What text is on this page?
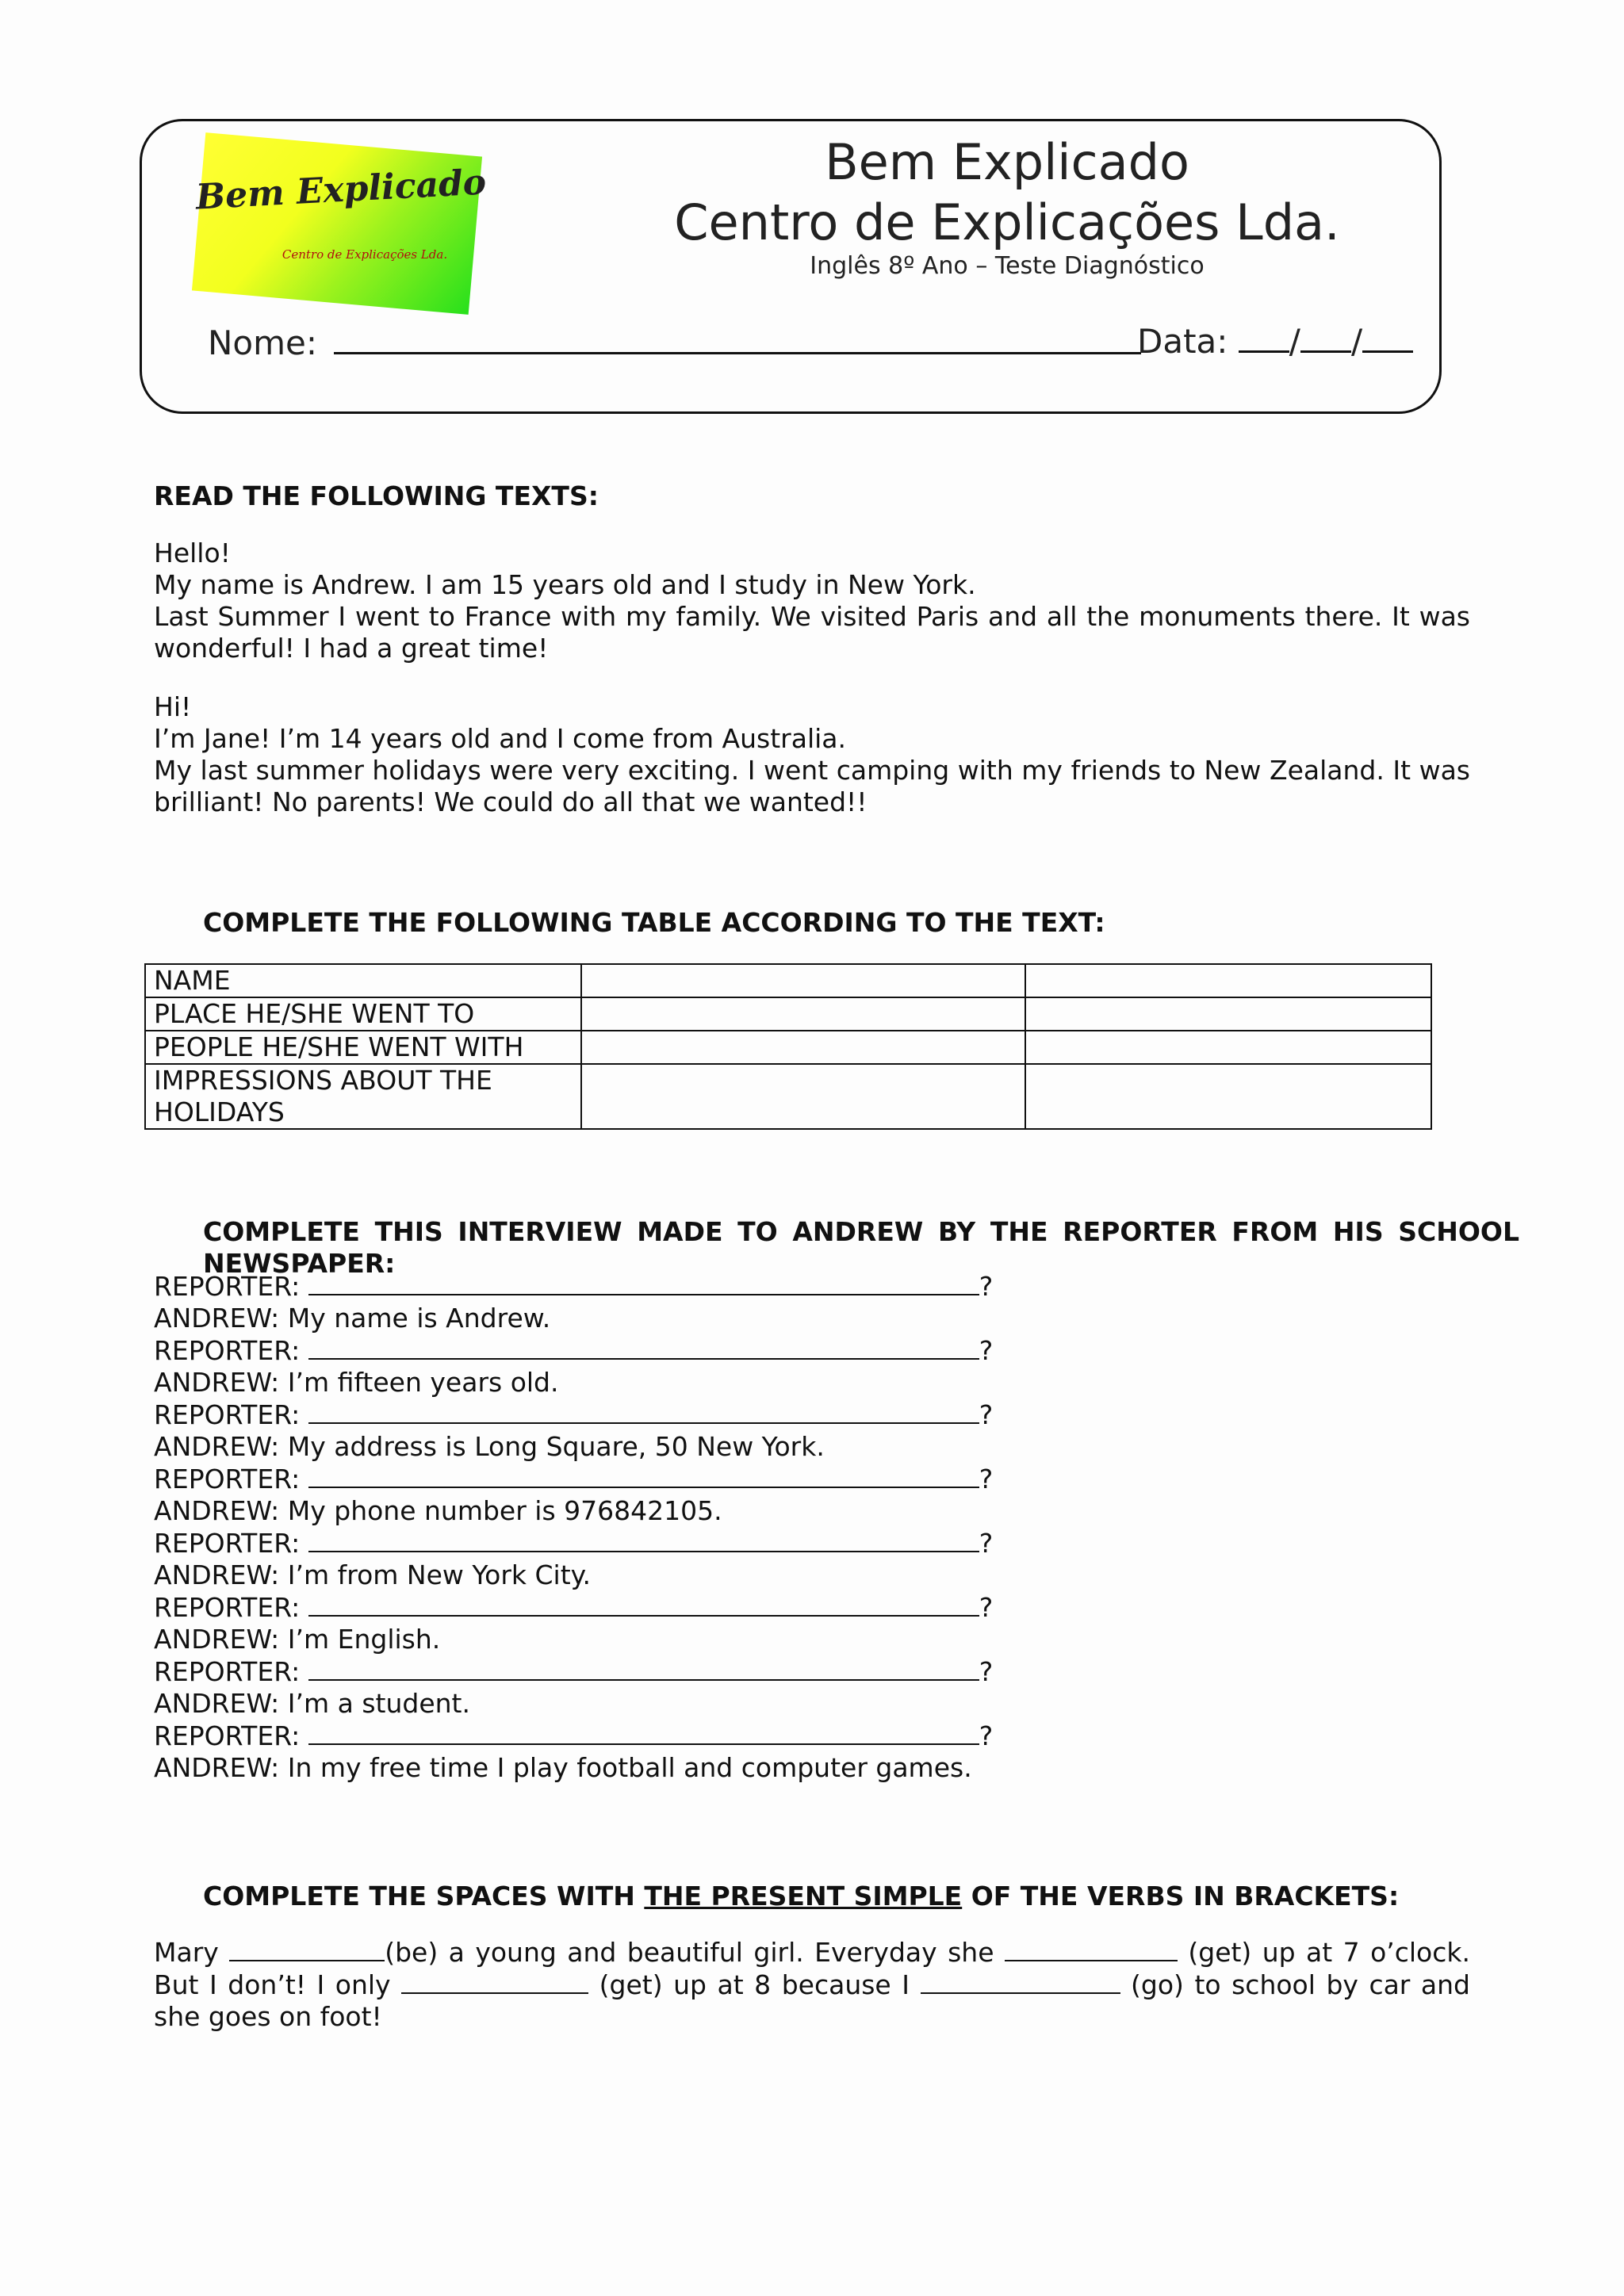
Bem Explicado
Centro de Explicações Lda.
Bem Explicado
Centro de Explicações Lda.
Inglês 8º Ano – Teste Diagnóstico
Nome:	Data: / /
READ THE FOLLOWING TEXTS:
Hello!
My name is Andrew. I am 15 years old and I study in New York.
Last Summer I went to France with my family. We visited Paris and all the monuments there. It was wonderful! I had a great time!
Hi!
I’m Jane! I’m 14 years old and I come from Australia.
My last summer holidays were very exciting. I went camping with my friends to New Zealand. It was brilliant! No parents! We could do all that we wanted!!
COMPLETE THE FOLLOWING TABLE ACCORDING TO THE TEXT:
NAME		
PLACE HE/SHE WENT TO		
PEOPLE HE/SHE WENT WITH		
IMPRESSIONS ABOUT THE HOLIDAYS		
COMPLETE THIS INTERVIEW MADE TO ANDREW BY THE REPORTER FROM HIS SCHOOL NEWSPAPER:
REPORTER:	?
ANDREW: My name is Andrew.
REPORTER:	?
ANDREW: I’m fifteen years old.
REPORTER:	?
ANDREW: My address is Long Square, 50 New York.
REPORTER:	?
ANDREW: My phone number is 976842105.
REPORTER:	?
ANDREW: I’m from New York City.
REPORTER:	?
ANDREW: I’m English.
REPORTER:	?
ANDREW: I’m a student.
REPORTER:	?
ANDREW: In my free time I play football and computer games.
COMPLETE THE SPACES WITH THE PRESENT SIMPLE OF THE VERBS IN BRACKETS:
Mary	(be) a young and beautiful girl. Everyday she	(get) up at 7 o’clock. But I don’t! I only	(get) up at 8 because I	(go) to school by car and she goes on foot!
